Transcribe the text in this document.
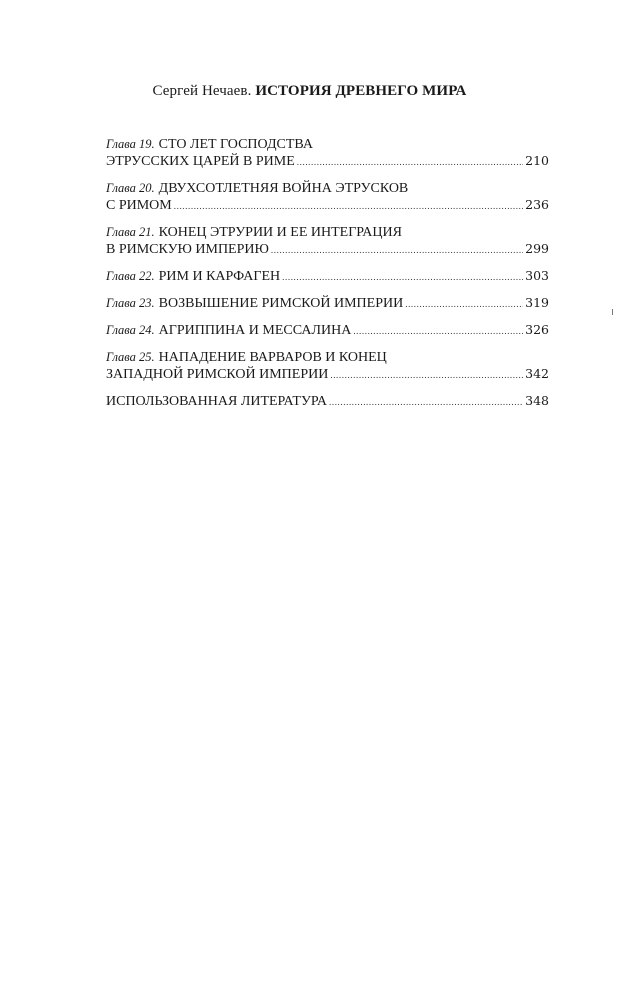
Сергей Нечаев. ИСТОРИЯ ДРЕВНЕГО МИРА
Глава 19. СТО ЛЕТ ГОСПОДСТВА
ЭТРУССКИХ ЦАРЕЙ В РИМЕ .....	210
Глава 20. ДВУХСОТЛЕТНЯЯ ВОЙНА ЭТРУСКОВ
С РИМОМ .....	236
Глава 21. КОНЕЦ ЭТРУРИИ И ЕЕ ИНТЕГРАЦИЯ
В РИМСКУЮ ИМПЕРИЮ .....	299
Глава 22. РИМ И КАРФАГЕН .....	303
Глава 23. ВОЗВЫШЕНИЕ РИМСКОЙ ИМПЕРИИ .....	319
Глава 24. АГРИППИНА И МЕССАЛИНА .....	326
Глава 25. НАПАДЕНИЕ ВАРВАРОВ И КОНЕЦ
ЗАПАДНОЙ РИМСКОЙ ИМПЕРИИ .....	342
ИСПОЛЬЗОВАННАЯ ЛИТЕРАТУРА .....	348
